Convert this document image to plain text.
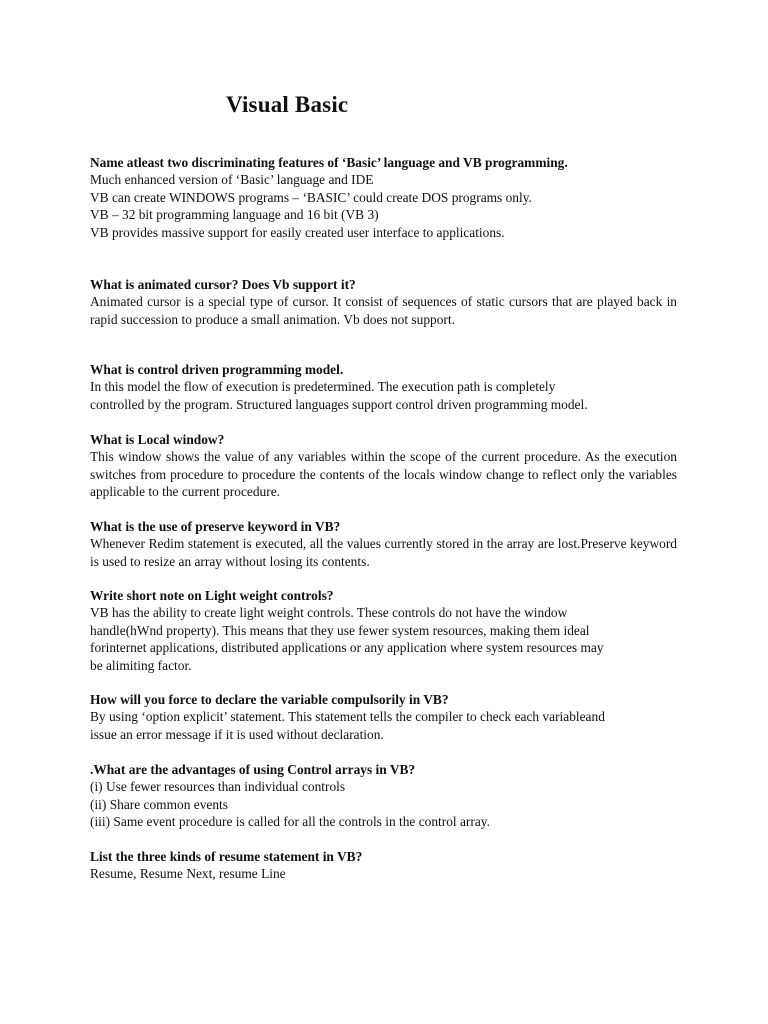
Visual Basic

Name atleast two discriminating features of ‘Basic’ language and VB programming.

Much enhanced version of ‘Basic’ language and IDE

VB can create WINDOWS programs – ‘BASIC’ could create DOS programs only.

VB – 32 bit programming language and 16 bit (VB 3)

VB provides massive support for easily created user interface to applications.

What is animated cursor? Does Vb support it?

Animated cursor is a special type of cursor. It consist of sequences of static cursors that are played back in rapid succession to produce a small animation. Vb does not support.

What is control driven programming model.

In this model the flow of execution is predetermined. The execution path is completely

controlled by the program. Structured languages support control driven programming model.

What is Local window?

This window shows the value of any variables within the scope of the current procedure. As the execution switches from procedure to procedure the contents of the locals window change to reflect only the variables applicable to the current procedure.

What is the use of preserve keyword in VB?

Whenever Redim statement is executed, all the values currently stored in the array are lost.Preserve keyword is used to resize an array without losing its contents.

Write short note on Light weight controls?

VB has the ability to create light weight controls. These controls do not have the window

handle(hWnd property). This means that they use fewer system resources, making them ideal

forinternet applications, distributed applications or any application where system resources may

be alimiting factor.

How will you force to declare the variable compulsorily in VB?

By using ‘option explicit’ statement. This statement tells the compiler to check each variableand

issue an error message if it is used without declaration.

.What are the advantages of using Control arrays in VB?

(i) Use fewer resources than individual controls

(ii) Share common events

(iii) Same event procedure is called for all the controls in the control array.

List the three kinds of resume statement in VB?

Resume, Resume Next, resume Line
